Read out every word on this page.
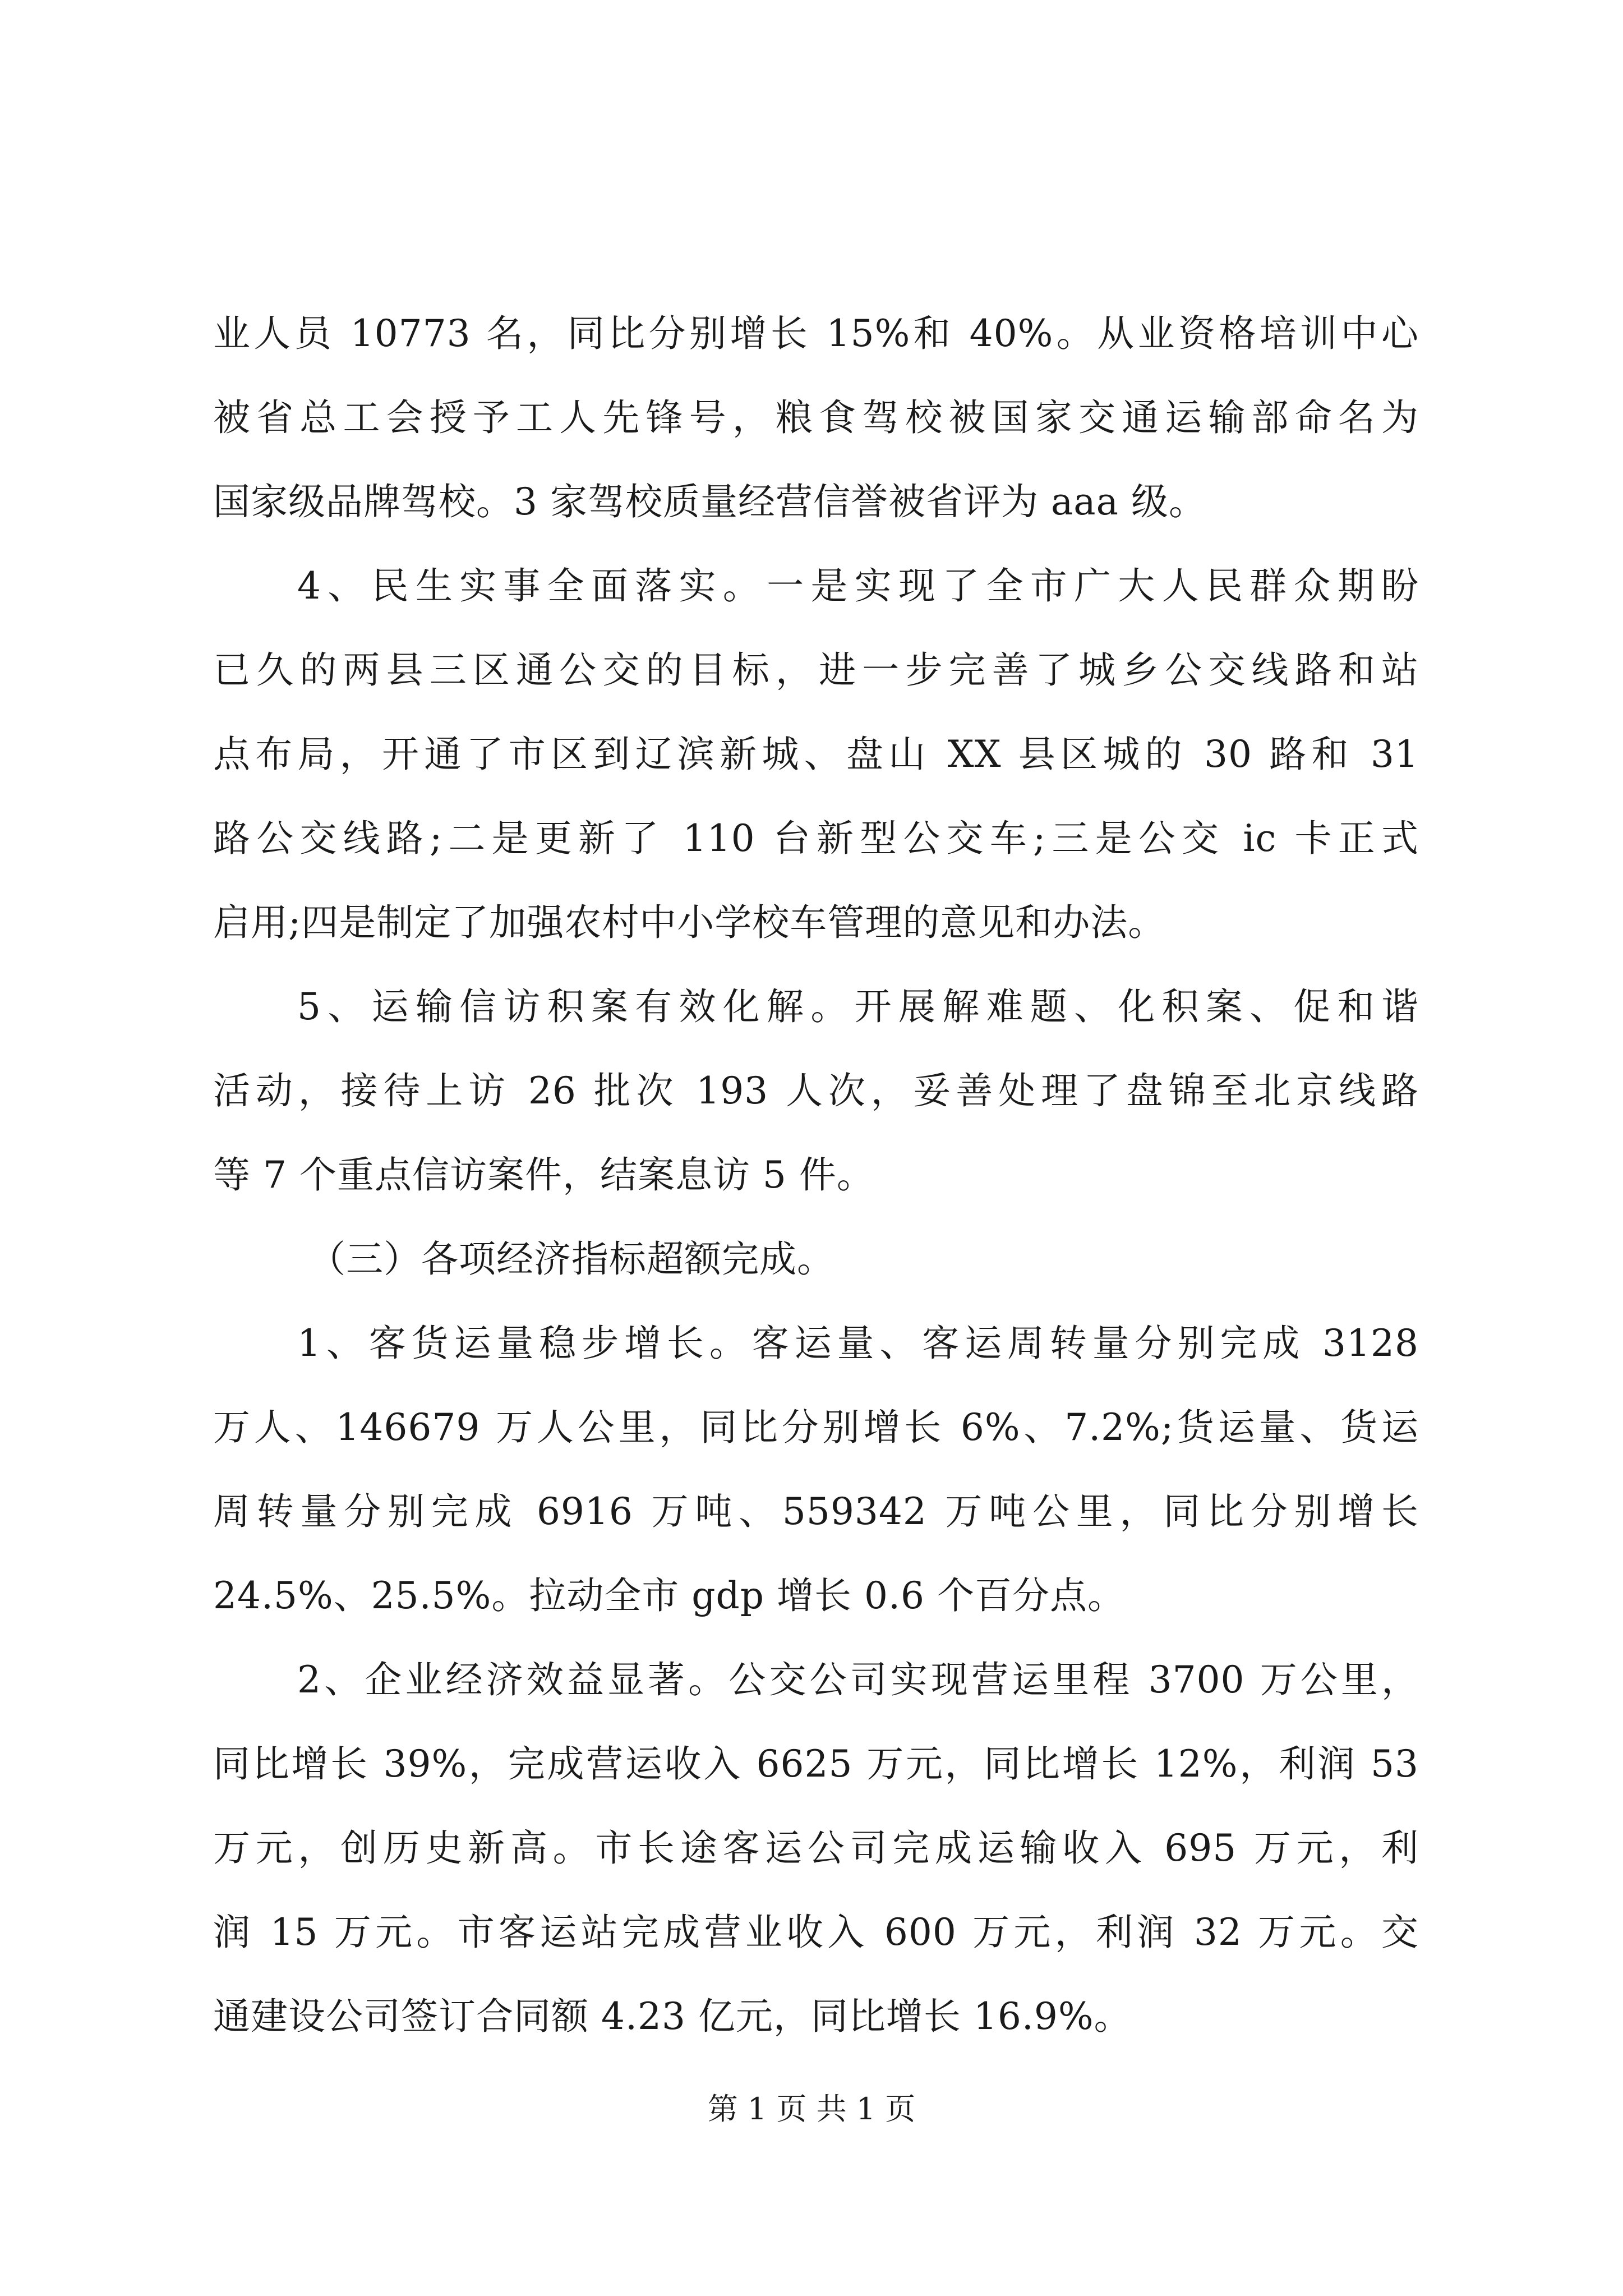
业人员 10773 名，同比分别增长 15%和 40%。从业资格培训中心
被省总工会授予工人先锋号，粮食驾校被国家交通运输部命名为
国家级品牌驾校。3 家驾校质量经营信誉被省评为 aaa 级。
4、民生实事全面落实。一是实现了全市广大人民群众期盼
已久的两县三区通公交的目标，进一步完善了城乡公交线路和站
点布局，开通了市区到辽滨新城、盘山 XX 县区城的 30 路和 31
路公交线路;二是更新了 110 台新型公交车;三是公交 ic 卡正式
启用;四是制定了加强农村中小学校车管理的意见和办法。
5、运输信访积案有效化解。开展解难题、化积案、促和谐
活动，接待上访 26 批次 193 人次，妥善处理了盘锦至北京线路
等 7 个重点信访案件，结案息访 5 件。
（三）各项经济指标超额完成。
1、客货运量稳步增长。客运量、客运周转量分别完成 3128
万人、146679 万人公里，同比分别增长 6%、7.2%;货运量、货运
周转量分别完成 6916 万吨、559342 万吨公里，同比分别增长
24.5%、25.5%。拉动全市 gdp 增长 0.6 个百分点。
2、企业经济效益显著。公交公司实现营运里程 3700 万公里，
同比增长 39%，完成营运收入 6625 万元，同比增长 12%，利润 53
万元，创历史新高。市长途客运公司完成运输收入 695 万元，利
润 15 万元。市客运站完成营业收入 600 万元，利润 32 万元。交
通建设公司签订合同额 4.23 亿元，同比增长 16.9%。
第 1 页 共 1 页
